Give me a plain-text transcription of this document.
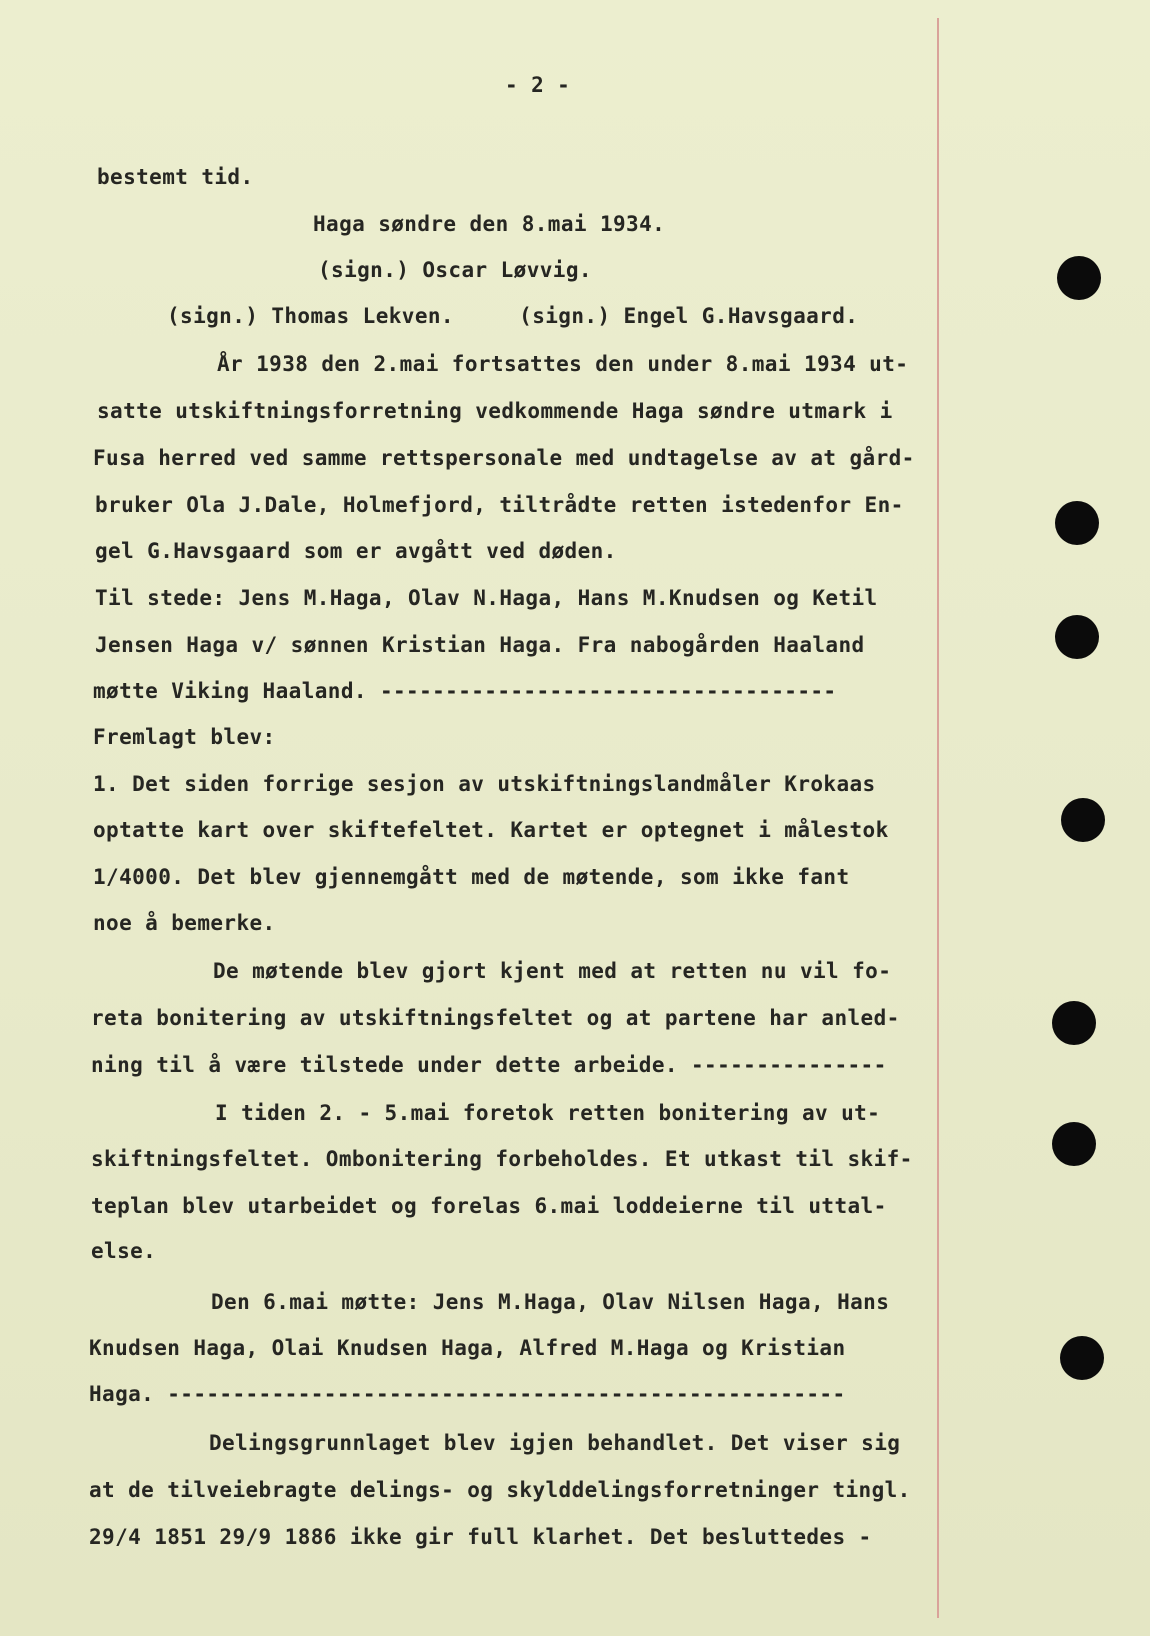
- 2 -
bestemt tid.
Haga søndre den 8.mai 1934.
(sign.) Oscar Løvvig.
(sign.) Thomas Lekven.     (sign.) Engel G.Havsgaard.
År 1938 den 2.mai fortsattes den under 8.mai 1934 ut-
satte utskiftningsforretning vedkommende Haga søndre utmark i
Fusa herred ved samme rettspersonale med undtagelse av at gård-
bruker Ola J.Dale, Holmefjord, tiltrådte retten istedenfor En-
gel G.Havsgaard som er avgått ved døden.
Til stede: Jens M.Haga, Olav N.Haga, Hans M.Knudsen og Ketil
Jensen Haga v/ sønnen Kristian Haga. Fra nabogården Haaland
møtte Viking Haaland. -----------------------------------
Fremlagt blev:
1. Det siden forrige sesjon av utskiftningslandmåler Krokaas
optatte kart over skiftefeltet. Kartet er optegnet i målestok
1/4000. Det blev gjennemgått med de møtende, som ikke fant
noe å bemerke.
De møtende blev gjort kjent med at retten nu vil fo-
reta bonitering av utskiftningsfeltet og at partene har anled-
ning til å være tilstede under dette arbeide. ---------------
I tiden 2. - 5.mai foretok retten bonitering av ut-
skiftningsfeltet. Ombonitering forbeholdes. Et utkast til skif-
teplan blev utarbeidet og forelas 6.mai loddeierne til uttal-
else.
Den 6.mai møtte: Jens M.Haga, Olav Nilsen Haga, Hans
Knudsen Haga, Olai Knudsen Haga, Alfred M.Haga og Kristian
Haga. ----------------------------------------------------
Delingsgrunnlaget blev igjen behandlet. Det viser sig
at de tilveiebragte delings- og skylddelingsforretninger tingl.
29/4 1851 29/9 1886 ikke gir full klarhet. Det besluttedes -
